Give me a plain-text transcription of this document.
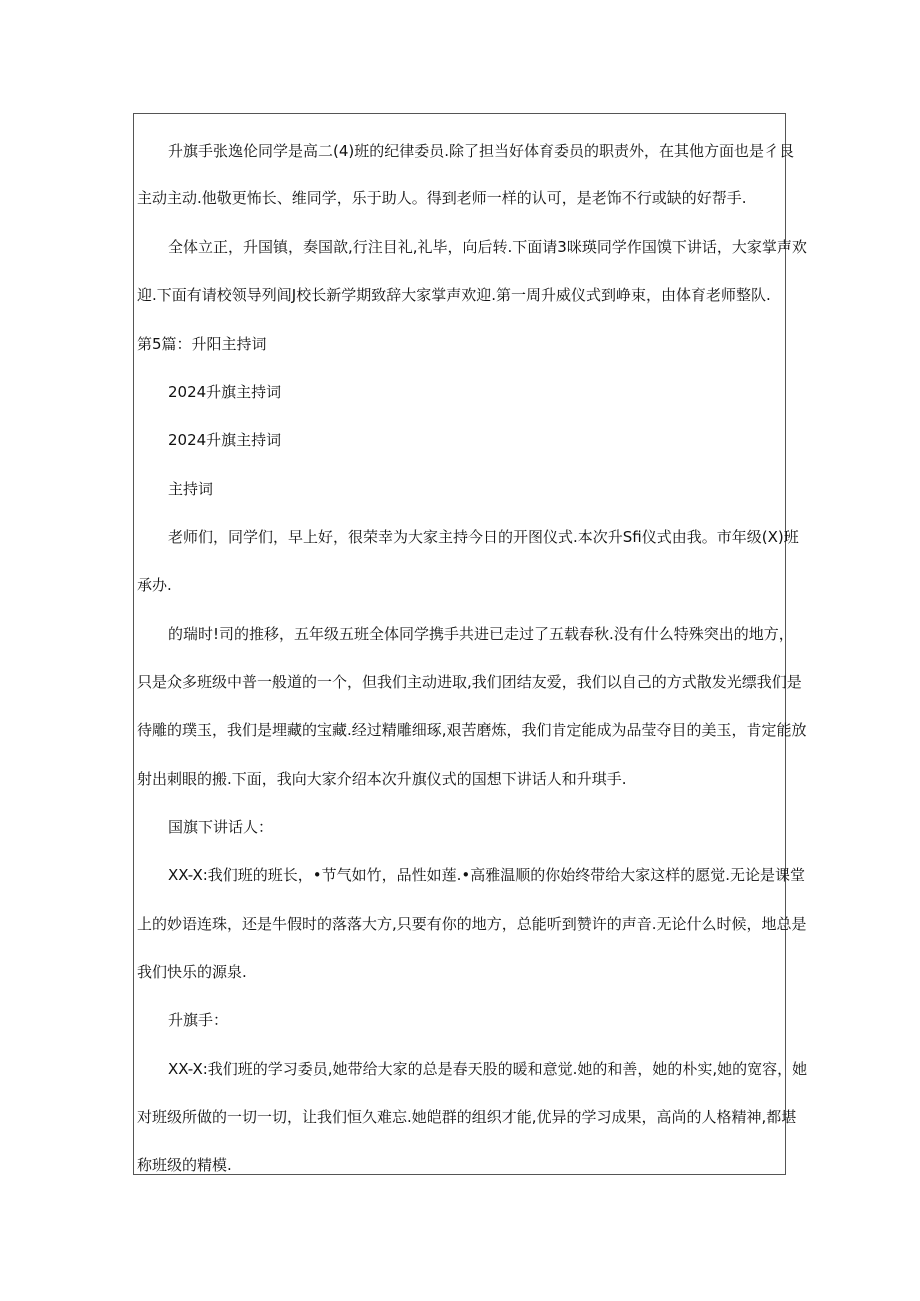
升旗手张逸伦同学是高二(4)班的纪律委员.除了担当好体育委员的职责外，在其他方面也是彳艮
主动主动.他敬更怖长、维同学，乐于助人。得到老师一样的认可，是老饰不行或缺的好帮手.
全体立正，升国镇，奏国歆,行注目礼,礼毕，向后转.下面请3咪瑛同学作国馍下讲话，大家掌声欢
迎.下面有请校领导列闾J校长新学期致辞大家掌声欢迎.第一周升威仪式到峥束，由体育老师整队.
第5篇：升阳主持词
2024升旗主持词
2024升旗主持词
主持词
老师们，同学们，早上好，很荣幸为大家主持今日的开图仪式.本次升Sfi仪式由我。市年级(X)班
承办.
的瑞时!司的推移，五年级五班全体同学携手共进已走过了五载春秋.没有什么特殊突出的地方，
只是众多班级中普一般道的一个，但我们主动进取,我们团结友爱，我们以自己的方式散发光缥我们是
待雕的璞玉，我们是埋藏的宝藏.经过精雕细琢,艰苦磨炼，我们肯定能成为品莹夺目的美玉，肯定能放
射出刺眼的搬.下面，我向大家介绍本次升旗仪式的国想下讲话人和升琪手.
国旗下讲话人：
XX-X:我们班的班长，•节气如竹，品性如莲.•高雅温顺的你始终带给大家这样的愿觉.无论是课堂
上的妙语连珠，还是牛假时的落落大方,只要有你的地方，总能听到赞许的声音.无论什么时候，地总是
我们快乐的源泉.
升旗手：
XX-X:我们班的学习委员,她带给大家的总是春天股的暖和意觉.她的和善，她的朴实,她的宽容，她
对班级所做的一切一切，让我们恒久难忘.她皑群的组织才能,优异的学习成果，高尚的人格精神,都堪
称班级的精模.
